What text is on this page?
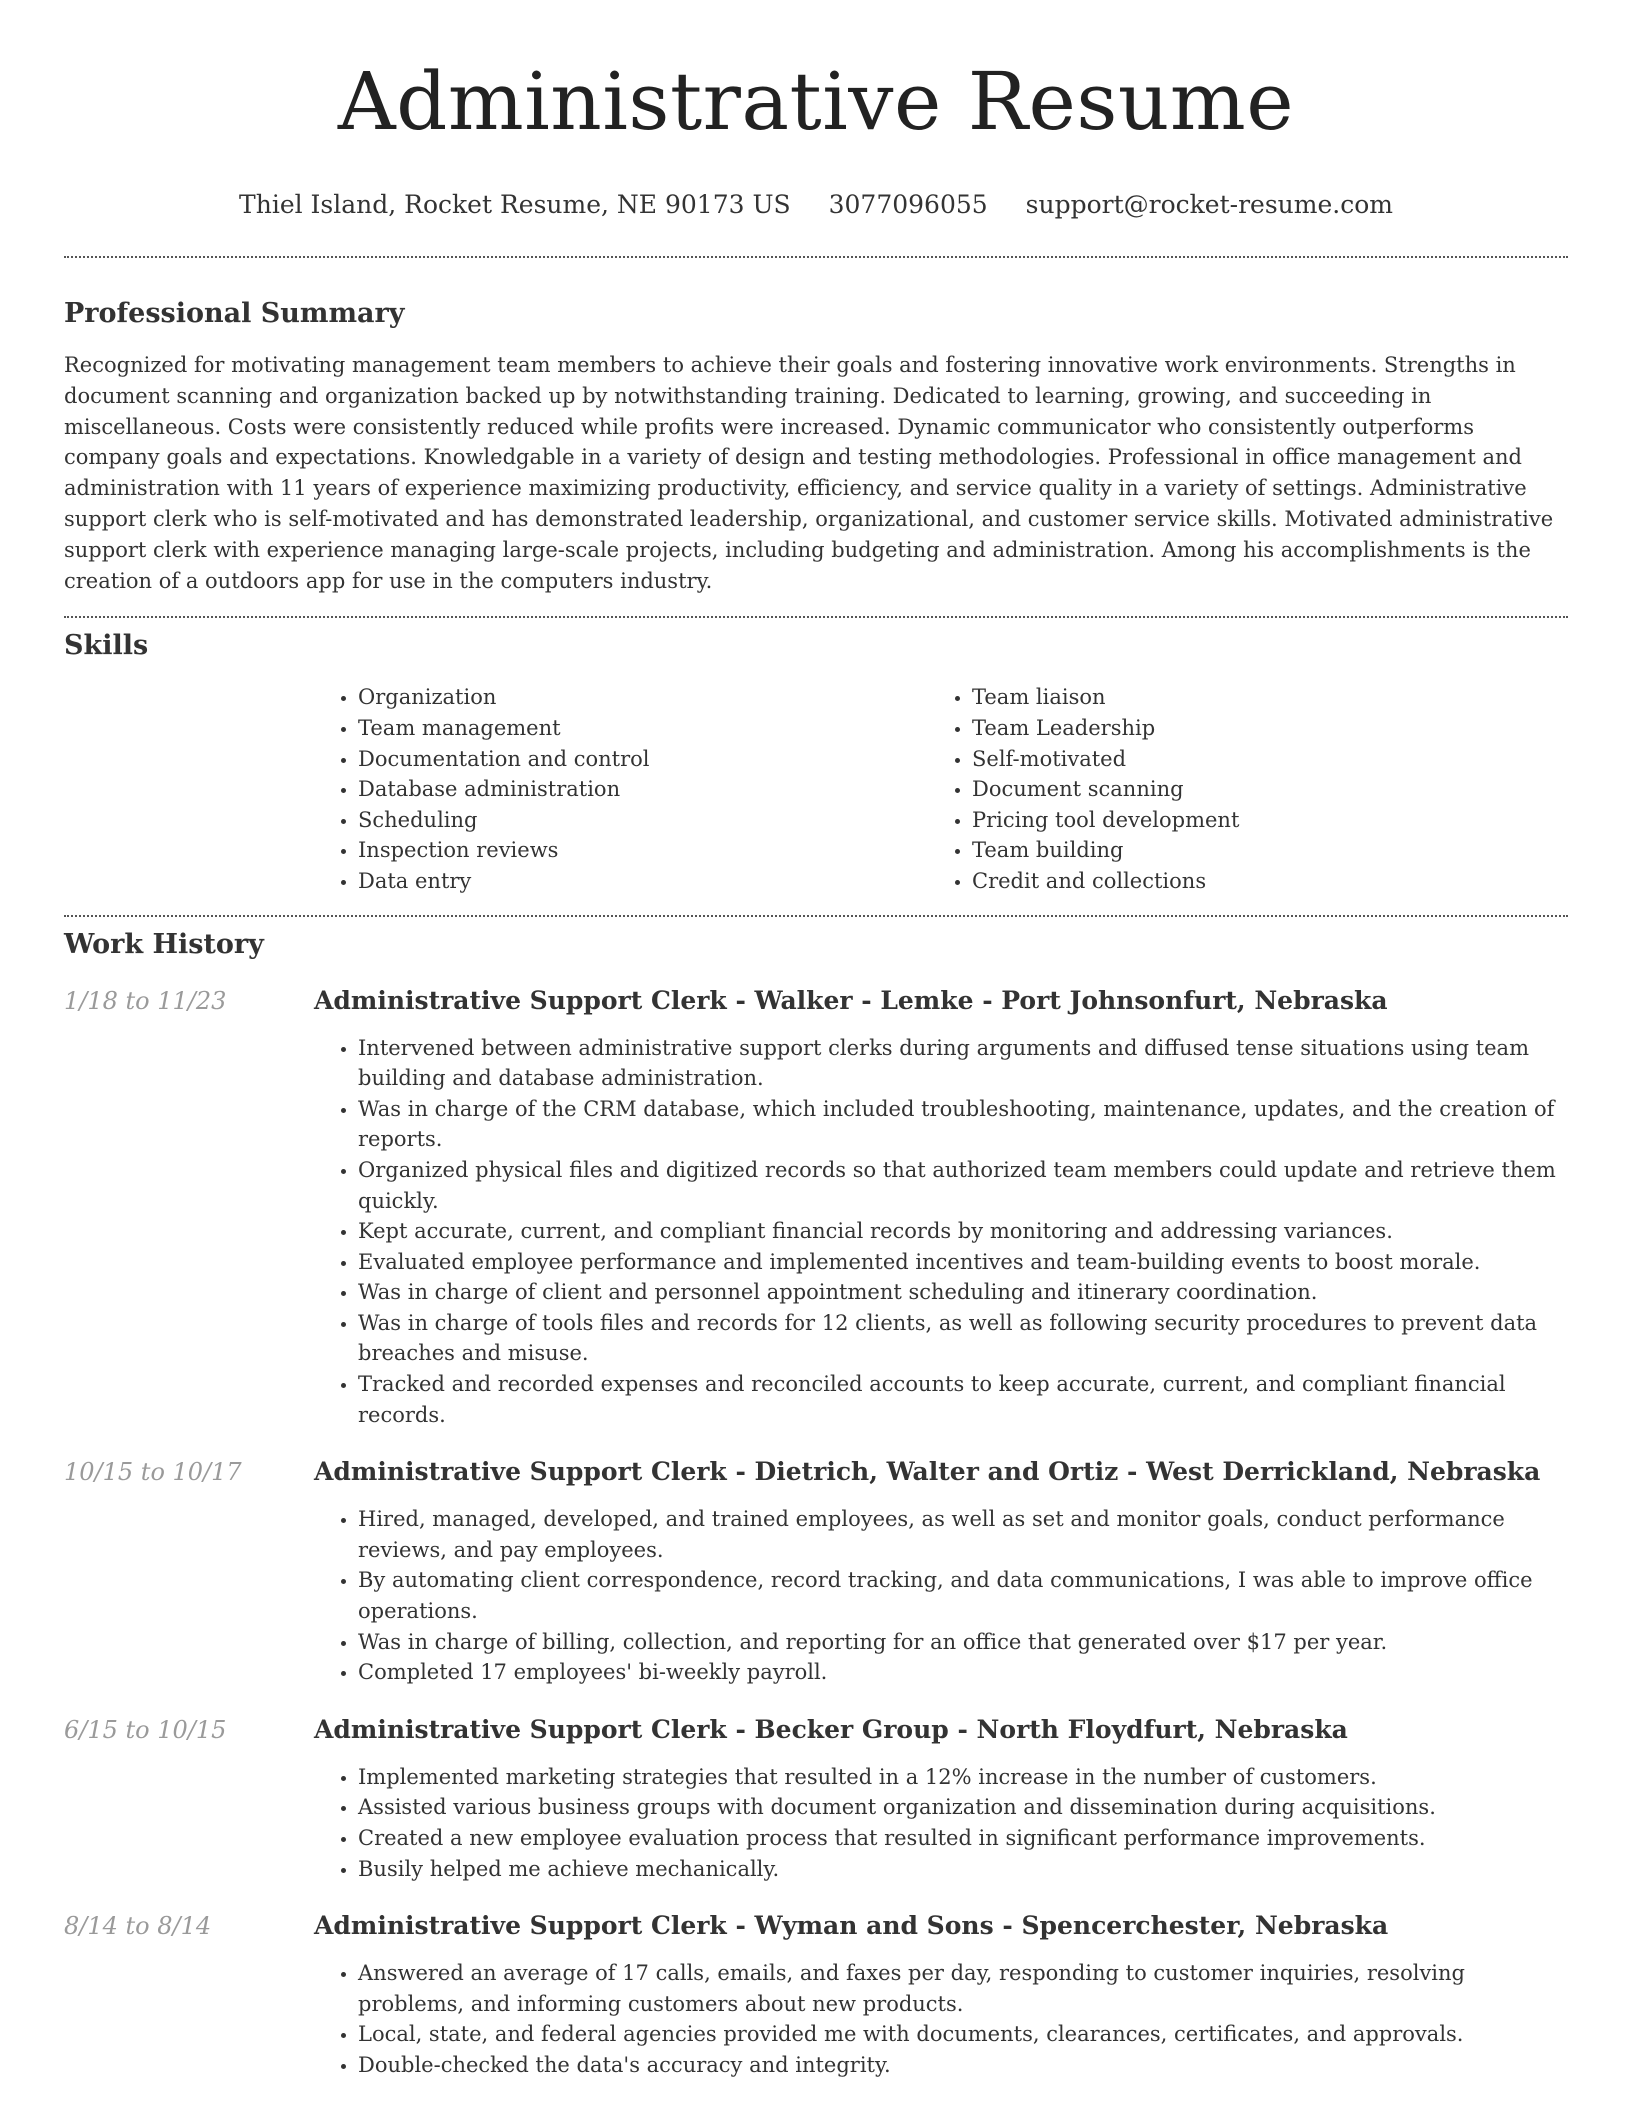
Administrative Resume
Thiel Island, Rocket Resume, NE 90173 US 3077096055 support@rocket-resume.com
Professional Summary

Recognized for motivating management team members to achieve their goals and fostering innovative work environments. Strengths in document scanning and organization backed up by notwithstanding training. Dedicated to learning, growing, and succeeding in miscellaneous. Costs were consistently reduced while profits were increased. Dynamic communicator who consistently outperforms company goals and expectations. Knowledgable in a variety of design and testing methodologies. Professional in office management and administration with 11 years of experience maximizing productivity, efficiency, and service quality in a variety of settings. Administrative support clerk who is self-motivated and has demonstrated leadership, organizational, and customer service skills. Motivated administrative support clerk with experience managing large-scale projects, including budgeting and administration. Among his accomplishments is the creation of a outdoors app for use in the computers industry.

Skills
• Organization
• Team management
• Documentation and control
• Database administration
• Scheduling
• Inspection reviews
• Data entry
• Team liaison
• Team Leadership
• Self-motivated
• Document scanning
• Pricing tool development
• Team building
• Credit and collections
Work History
1/18 to 11/23	Administrative Support Clerk - Walker - Lemke - Port Johnsonfurt, Nebraska
• Intervened between administrative support clerks during arguments and diffused tense situations using team building and database administration.
• Was in charge of the CRM database, which included troubleshooting, maintenance, updates, and the creation of reports.
• Organized physical files and digitized records so that authorized team members could update and retrieve them quickly.
• Kept accurate, current, and compliant financial records by monitoring and addressing variances.
• Evaluated employee performance and implemented incentives and team-building events to boost morale.
• Was in charge of client and personnel appointment scheduling and itinerary coordination.
• Was in charge of tools files and records for 12 clients, as well as following security procedures to prevent data breaches and misuse.
• Tracked and recorded expenses and reconciled accounts to keep accurate, current, and compliant financial records.
10/15 to 10/17	Administrative Support Clerk - Dietrich, Walter and Ortiz - West Derrickland, Nebraska
• Hired, managed, developed, and trained employees, as well as set and monitor goals, conduct performance reviews, and pay employees.
• By automating client correspondence, record tracking, and data communications, I was able to improve office operations.
• Was in charge of billing, collection, and reporting for an office that generated over $17 per year.
• Completed 17 employees' bi-weekly payroll.
6/15 to 10/15	Administrative Support Clerk - Becker Group - North Floydfurt, Nebraska
• Implemented marketing strategies that resulted in a 12% increase in the number of customers.
• Assisted various business groups with document organization and dissemination during acquisitions.
• Created a new employee evaluation process that resulted in significant performance improvements.
• Busily helped me achieve mechanically.
8/14 to 8/14	Administrative Support Clerk - Wyman and Sons - Spencerchester, Nebraska
• Answered an average of 17 calls, emails, and faxes per day, responding to customer inquiries, resolving problems, and informing customers about new products.
• Local, state, and federal agencies provided me with documents, clearances, certificates, and approvals.
• Double-checked the data's accuracy and integrity.
